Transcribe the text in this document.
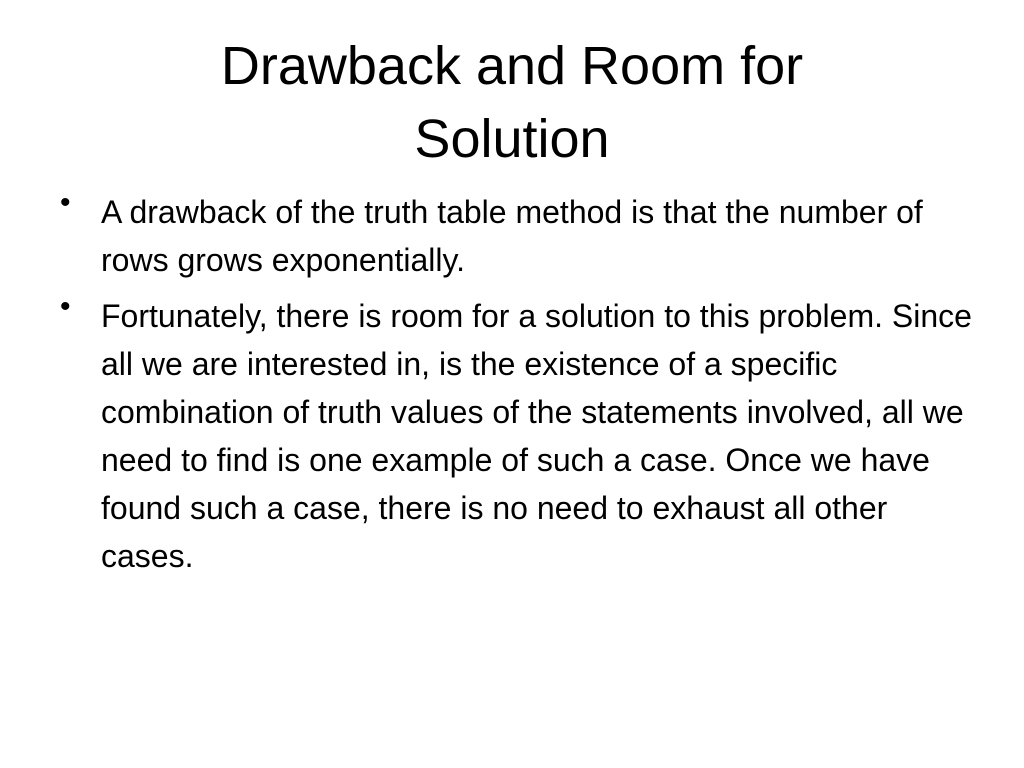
Drawback and Room for Solution
• A drawback of the truth table method is that the number of rows grows exponentially.
• Fortunately, there is room for a solution to this problem. Since all we are interested in, is the existence of a specific combination of truth values of the statements involved, all we need to find is one example of such a case. Once we have found such a case, there is no need to exhaust all other cases.
